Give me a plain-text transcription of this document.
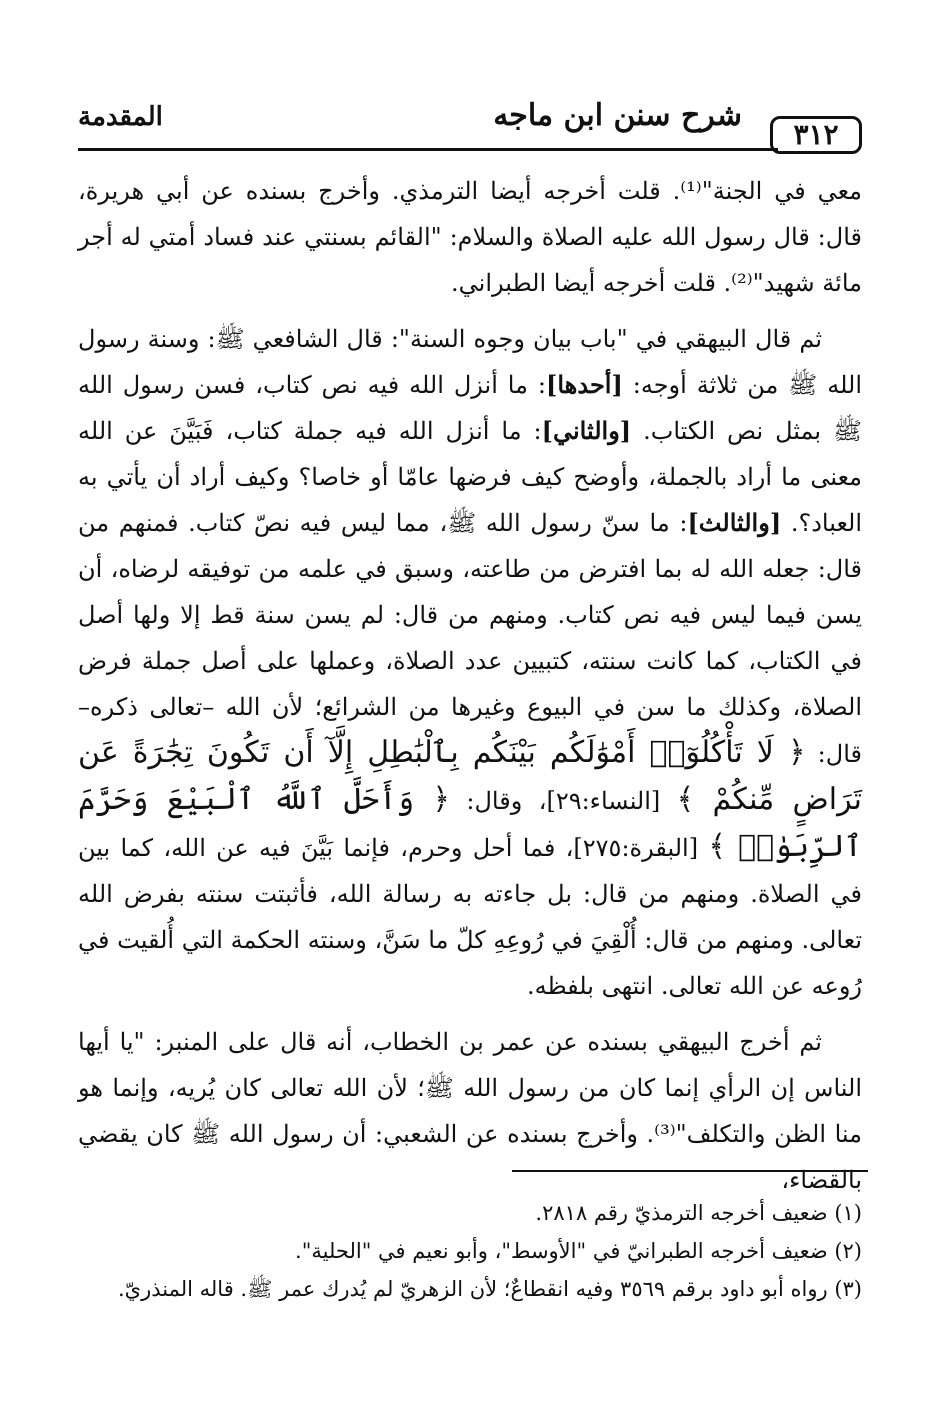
٣١٢
شرح سنن ابن ماجه
المقدمة

معي في الجنة"⁽¹⁾. قلت أخرجه أيضا الترمذي. وأخرج بسنده عن أبي هريرة، قال: قال رسول الله عليه الصلاة والسلام: "القائم بسنتي عند فساد أمتي له أجر مائة شهيد"⁽²⁾. قلت أخرجه أيضا الطبراني.

ثم قال البيهقي في "باب بيان وجوه السنة": قال الشافعي ﷺ: وسنة رسول الله ﷺ من ثلاثة أوجه: [أحدها]: ما أنزل الله فيه نص كتاب، فسن رسول الله ﷺ بمثل نص الكتاب. [والثاني]: ما أنزل الله فيه جملة كتاب، فَبَيَّنَ عن الله معنى ما أراد بالجملة، وأوضح كيف فرضها عامّا أو خاصا؟ وكيف أراد أن يأتي به العباد؟. [والثالث]: ما سنّ رسول الله ﷺ، مما ليس فيه نصّ كتاب. فمنهم من قال: جعله الله له بما افترض من طاعته، وسبق في علمه من توفيقه لرضاه، أن يسن فيما ليس فيه نص كتاب. ومنهم من قال: لم يسن سنة قط إلا ولها أصل في الكتاب، كما كانت سنته، كتبيين عدد الصلاة، وعملها على أصل جملة فرض الصلاة، وكذلك ما سن في البيوع وغيرها من الشرائع؛ لأن الله –تعالى ذكره– قال: ﴿ لَا تَأْكُلُوٓا۟ أَمْوَٰلَكُم بَيْنَكُم بِٱلْبَٰطِلِ إِلَّآ أَن تَكُونَ تِجَٰرَةً عَن تَرَاضٍ مِّنكُمْ ﴾ [النساء:٢٩]، وقال: ﴿ وَأَحَلَّ ٱللَّهُ ٱلْبَيْعَ وَحَرَّمَ ٱلرِّبَوٰا۟ ﴾ [البقرة:٢٧٥]، فما أحل وحرم، فإنما بَيَّنَ فيه عن الله، كما بين في الصلاة. ومنهم من قال: بل جاءته به رسالة الله، فأثبتت سنته بفرض الله تعالى. ومنهم من قال: أُلْقِيَ في رُوعِهِ كلّ ما سَنَّ، وسنته الحكمة التي أُلقيت في رُوعه عن الله تعالى. انتهى بلفظه.

ثم أخرج البيهقي بسنده عن عمر بن الخطاب، أنه قال على المنبر: "يا أيها الناس إن الرأي إنما كان من رسول الله ﷺ؛ لأن الله تعالى كان يُريه، وإنما هو منا الظن والتكلف"⁽³⁾. وأخرج بسنده عن الشعبي: أن رسول الله ﷺ كان يقضي بالقضاء،

(١) ضعيف أخرجه الترمذيّ رقم ٢٨١٨.
(٢) ضعيف أخرجه الطبرانيّ في "الأوسط"، وأبو نعيم في "الحلية".
(٣) رواه أبو داود برقم ٣٥٦٩ وفيه انقطاعٌ؛ لأن الزهريّ لم يُدرك عمر ﷺ. قاله المنذريّ.
